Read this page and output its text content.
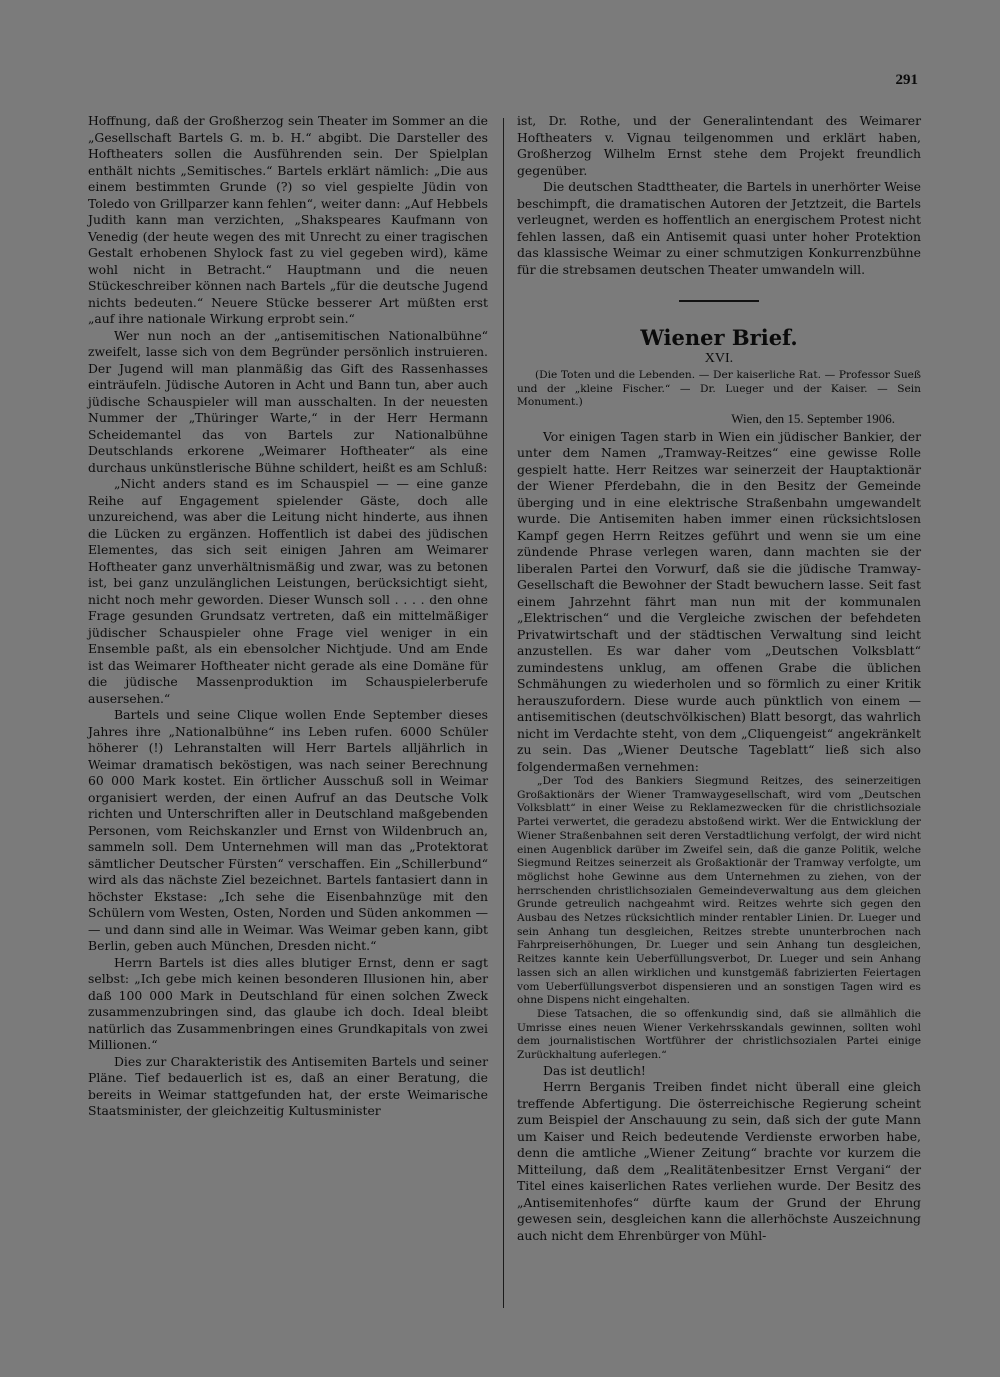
291

Hoffnung, daß der Großherzog sein Theater im Sommer an die „Gesellschaft Bartels G. m. b. H.“ abgibt. Die Darsteller des Hoftheaters sollen die Ausführenden sein. Der Spielplan enthält nichts „Semitisches.“ Bartels erklärt nämlich: „Die aus einem bestimmten Grunde (?) so viel gespielte Jüdin von Toledo von Grillparzer kann fehlen“, weiter dann: „Auf Hebbels Judith kann man verzichten, „Shakspeares Kaufmann von Venedig (der heute wegen des mit Unrecht zu einer tragischen Gestalt erhobenen Shylock fast zu viel gegeben wird), käme wohl nicht in Betracht.“ Hauptmann und die neuen Stückeschreiber können nach Bartels „für die deutsche Jugend nichts bedeuten.“ Neuere Stücke besserer Art müßten erst „auf ihre nationale Wirkung erprobt sein.“

Wer nun noch an der „antisemitischen Nationalbühne“ zweifelt, lasse sich von dem Begründer persönlich instruieren. Der Jugend will man planmäßig das Gift des Rassenhasses einträufeln. Jüdische Autoren in Acht und Bann tun, aber auch jüdische Schauspieler will man ausschalten. In der neuesten Nummer der „Thüringer Warte,“ in der Herr Hermann Scheidemantel das von Bartels zur Nationalbühne Deutschlands erkorene „Weimarer Hoftheater“ als eine durchaus unkünstlerische Bühne schildert, heißt es am Schluß:

„Nicht anders stand es im Schauspiel — — eine ganze Reihe auf Engagement spielender Gäste, doch alle unzureichend, was aber die Leitung nicht hinderte, aus ihnen die Lücken zu ergänzen. Hoffentlich ist dabei des jüdischen Elementes, das sich seit einigen Jahren am Weimarer Hoftheater ganz unverhältnismäßig und zwar, was zu betonen ist, bei ganz unzulänglichen Leistungen, berücksichtigt sieht, nicht noch mehr geworden. Dieser Wunsch soll . . . . den ohne Frage gesunden Grundsatz vertreten, daß ein mittelmäßiger jüdischer Schauspieler ohne Frage viel weniger in ein Ensemble paßt, als ein ebensolcher Nichtjude. Und am Ende ist das Weimarer Hoftheater nicht gerade als eine Domäne für die jüdische Massenproduktion im Schauspielerberufe ausersehen.“

Bartels und seine Clique wollen Ende September dieses Jahres ihre „Nationalbühne“ ins Leben rufen. 6000 Schüler höherer (!) Lehranstalten will Herr Bartels alljährlich in Weimar dramatisch beköstigen, was nach seiner Berechnung 60 000 Mark kostet. Ein örtlicher Ausschuß soll in Weimar organisiert werden, der einen Aufruf an das Deutsche Volk richten und Unterschriften aller in Deutschland maßgebenden Personen, vom Reichskanzler und Ernst von Wildenbruch an, sammeln soll. Dem Unternehmen will man das „Protektorat sämtlicher Deutscher Fürsten“ verschaffen. Ein „Schillerbund“ wird als das nächste Ziel bezeichnet. Bartels fantasiert dann in höchster Ekstase: „Ich sehe die Eisenbahnzüge mit den Schülern vom Westen, Osten, Norden und Süden ankommen — — und dann sind alle in Weimar. Was Weimar geben kann, gibt Berlin, geben auch München, Dresden nicht.“

Herrn Bartels ist dies alles blutiger Ernst, denn er sagt selbst: „Ich gebe mich keinen besonderen Illusionen hin, aber daß 100 000 Mark in Deutschland für einen solchen Zweck zusammenzubringen sind, das glaube ich doch. Ideal bleibt natürlich das Zusammenbringen eines Grundkapitals von zwei Millionen.“

Dies zur Charakteristik des Antisemiten Bartels und seiner Pläne. Tief bedauerlich ist es, daß an einer Beratung, die bereits in Weimar stattgefunden hat, der erste Weimarische Staatsminister, der gleichzeitig Kultusminister

ist, Dr. Rothe, und der Generalintendant des Weimarer Hoftheaters v. Vignau teilgenommen und erklärt haben, Großherzog Wilhelm Ernst stehe dem Projekt freundlich gegenüber.

Die deutschen Stadttheater, die Bartels in unerhörter Weise beschimpft, die dramatischen Autoren der Jetztzeit, die Bartels verleugnet, werden es hoffentlich an energischem Protest nicht fehlen lassen, daß ein Antisemit quasi unter hoher Protektion das klassische Weimar zu einer schmutzigen Konkurrenzbühne für die strebsamen deutschen Theater umwandeln will.

Wiener Brief.
XVI.

(Die Toten und die Lebenden. — Der kaiserliche Rat. — Professor Sueß und der „kleine Fischer.“ — Dr. Lueger und der Kaiser. — Sein Monument.)

Wien, den 15. September 1906.

Vor einigen Tagen starb in Wien ein jüdischer Bankier, der unter dem Namen „Tramway-Reitzes“ eine gewisse Rolle gespielt hatte. Herr Reitzes war seinerzeit der Hauptaktionär der Wiener Pferdebahn, die in den Besitz der Gemeinde überging und in eine elektrische Straßenbahn umgewandelt wurde. Die Antisemiten haben immer einen rücksichtslosen Kampf gegen Herrn Reitzes geführt und wenn sie um eine zündende Phrase verlegen waren, dann machten sie der liberalen Partei den Vorwurf, daß sie die jüdische Tramway-Gesellschaft die Bewohner der Stadt bewuchern lasse. Seit fast einem Jahrzehnt fährt man nun mit der kommunalen „Elektrischen“ und die Vergleiche zwischen der befehdeten Privatwirtschaft und der städtischen Verwaltung sind leicht anzustellen. Es war daher vom „Deutschen Volksblatt“ zumindestens unklug, am offenen Grabe die üblichen Schmähungen zu wiederholen und so förmlich zu einer Kritik herauszufordern. Diese wurde auch pünktlich von einem — antisemitischen (deutschvölkischen) Blatt besorgt, das wahrlich nicht im Verdachte steht, von dem „Cliquengeist“ angekränkelt zu sein. Das „Wiener Deutsche Tageblatt“ ließ sich also folgendermaßen vernehmen:

„Der Tod des Bankiers Siegmund Reitzes, des seinerzeitigen Großaktionärs der Wiener Tramwaygesellschaft, wird vom „Deutschen Volksblatt“ in einer Weise zu Reklamezwecken für die christlichsoziale Partei verwertet, die geradezu abstoßend wirkt. Wer die Entwicklung der Wiener Straßenbahnen seit deren Verstadtlichung verfolgt, der wird nicht einen Augenblick darüber im Zweifel sein, daß die ganze Politik, welche Siegmund Reitzes seinerzeit als Großaktionär der Tramway verfolgte, um möglichst hohe Gewinne aus dem Unternehmen zu ziehen, von der herrschenden christlichsozialen Gemeindeverwaltung aus dem gleichen Grunde getreulich nachgeahmt wird. Reitzes wehrte sich gegen den Ausbau des Netzes rücksichtlich minder rentabler Linien. Dr. Lueger und sein Anhang tun desgleichen, Reitzes strebte ununterbrochen nach Fahrpreiserhöhungen, Dr. Lueger und sein Anhang tun desgleichen, Reitzes kannte kein Ueberfüllungsverbot, Dr. Lueger und sein Anhang lassen sich an allen wirklichen und kunstgemäß fabrizierten Feiertagen vom Ueberfüllungsverbot dispensieren und an sonstigen Tagen wird es ohne Dispens nicht eingehalten.

Diese Tatsachen, die so offenkundig sind, daß sie allmählich die Umrisse eines neuen Wiener Verkehrsskandals gewinnen, sollten wohl dem journalistischen Wortführer der christlichsozialen Partei einige Zurückhaltung auferlegen.“

Das ist deutlich!

Herrn Berganis Treiben findet nicht überall eine gleich treffende Abfertigung. Die österreichische Regierung scheint zum Beispiel der Anschauung zu sein, daß sich der gute Mann um Kaiser und Reich bedeutende Verdienste erworben habe, denn die amtliche „Wiener Zeitung“ brachte vor kurzem die Mitteilung, daß dem „Realitätenbesitzer Ernst Vergani“ der Titel eines kaiserlichen Rates verliehen wurde. Der Besitz des „Antisemitenhofes“ dürfte kaum der Grund der Ehrung gewesen sein, desgleichen kann die allerhöchste Auszeichnung auch nicht dem Ehrenbürger von Mühl-
